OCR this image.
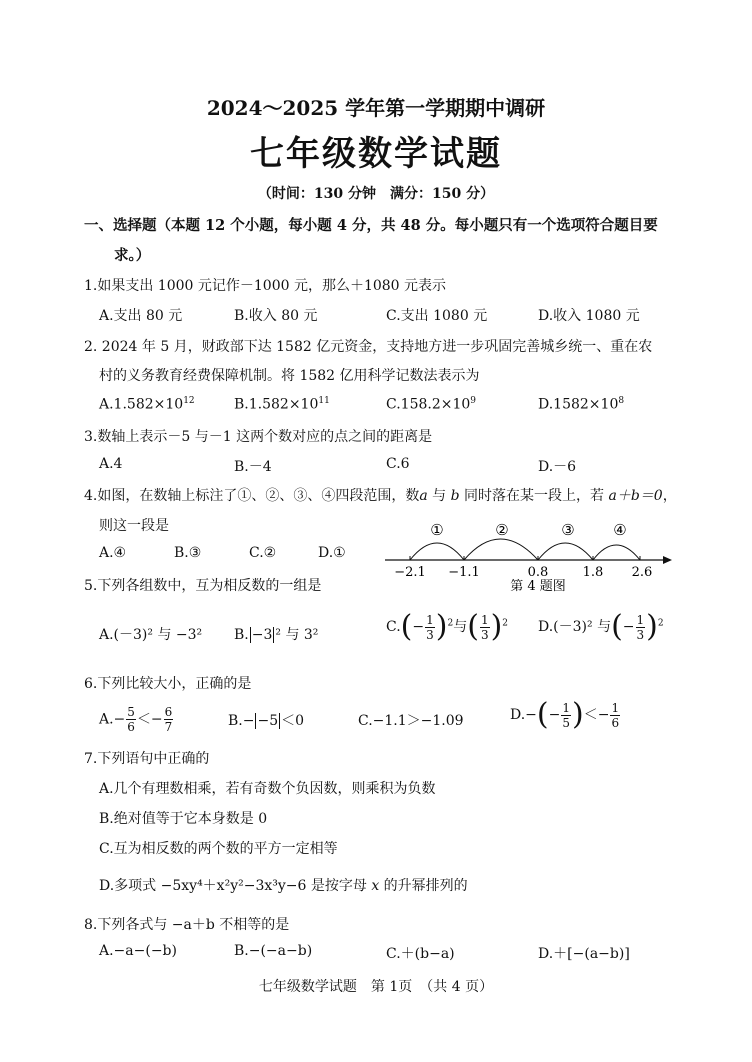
2024～2025 学年第一学期期中调研
七年级数学试题
（时间：130 分钟　满分：150 分）
一、选择题（本题 12 个小题，每小题 4 分，共 48 分。每小题只有一个选项符合题目要
求。）
1.如果支出 1000 元记作－1000 元，那么＋1080 元表示
A.支出 80 元	B.收入 80 元	C.支出 1080 元	D.收入 1080 元
2. 2024 年 5 月，财政部下达 1582 亿元资金，支持地方进一步巩固完善城乡统一、重在农
村的义务教育经费保障机制。将 1582 亿用科学记数法表示为
$A.1.582\times 10^{12}$	$B.1.582\times 10^{11}$	$C.158.2\times 10^9$	$D.1582\times 10^8$
3.数轴上表示－5 与－1 这两个数对应的点之间的距离是
A.4	B.－4	C.6	D.－6
4.如图，在数轴上标注了①、②、③、④四段范围，数a 与 b 同时落在某一段上，若 a＋b＝0，
则这一段是
A.④	B.③	C.②	D.①
①	②	③	④
−2.1 −1.1	0.8	1.8 2.6
第 4 题图
5.下列各组数中，互为相反数的一组是
A.(－3)² 与 −3² B. −3 ² 与 3²	$C.(- \frac{1}{3} )^2$与( $\frac{1}{3} )^2$ D.(－3)² 与(− $\frac{1}{3} )^2$
6.下列比较大小，正确的是
$A.- \frac{5}{6} <- \frac{6}{7}$	B.− −5 ＜0	C.−1.1＞−1.09	$D.-(- \frac{1}{5}$ )＜− $\frac{1}{6}$
7.下列语句中正确的
A.几个有理数相乘，若有奇数个负因数，则乘积为负数
B.绝对值等于它本身数是 0
C.互为相反数的两个数的平方一定相等
D.多项式 −5xy⁴＋x²y²−3x³y−6 是按字母 x 的升幂排列的
8.下列各式与 −a＋b 不相等的是
A.−a−(−b)	B.−(−a−b)	C.＋(b−a)	D.＋[−(a−b)]
七年级数学试题　第 1页　（共 4 页）
